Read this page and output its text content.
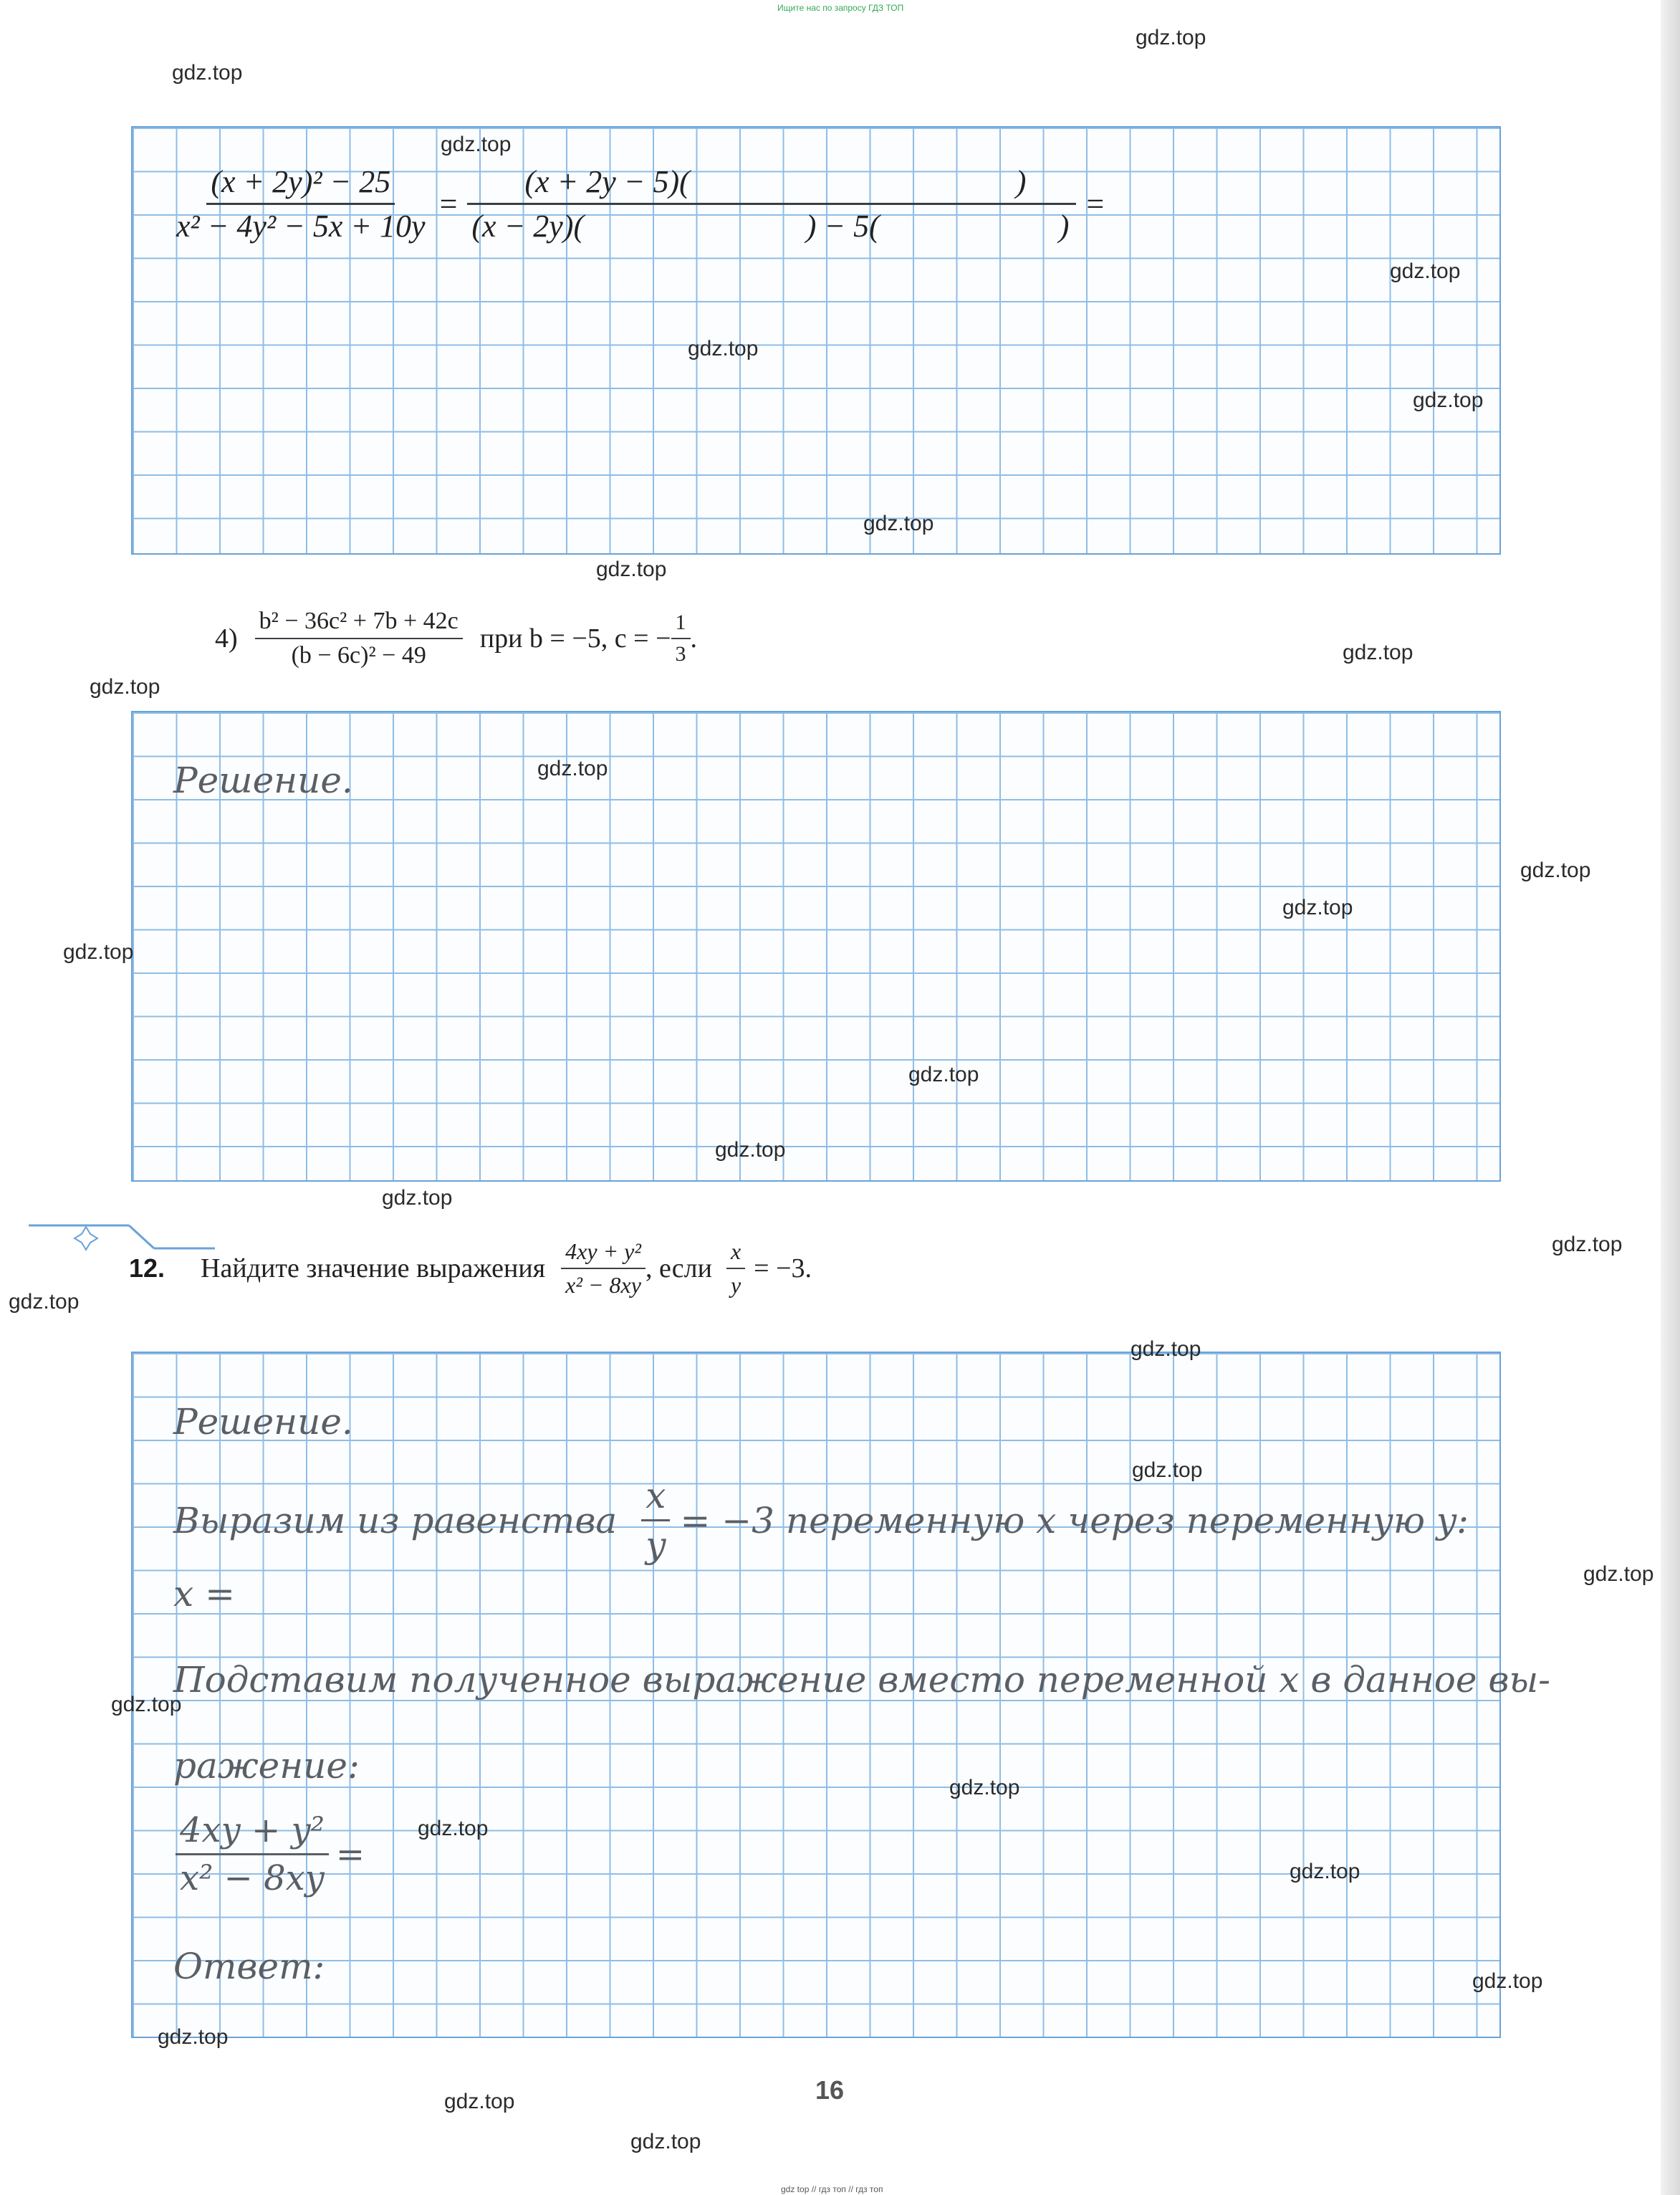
Ищите нас по запросу ГДЗ ТОП
gdz top // гдз топ // гдз топ
$\frac{\text{(x + 2y)² − 25}}{\text{x² − 4y² − 5x + 10y}} = (x + 2y - 5)$(	)
(x − 2y)(	) − 5(	) =
$4) \frac{\text{b² − 36c² + 7b + 42c}}{\text{(b − 6c)² − 49}}$ при b = −5, c = − $\frac{1}{3}$ .
Решение.
12. Найдите значение выражения $\frac{\text{4xy + y²}}{\text{x² − 8xy}}$ , если $\frac{x}{y} = -3$.
Решение.
Выразим из равенства $\frac{x}{y} = -3$ переменную x через переменную y:
x =
Подставим полученное выражение вместо переменной x в данное вы-
ражение:
$\frac{\text{4xy + y²}}{\text{x² − 8xy}}$ =
Ответ:
16
gdz.top
gdz.top
gdz.top
gdz.top
gdz.top
gdz.top
gdz.top
gdz.top
gdz.top
gdz.top
gdz.top
gdz.top
gdz.top
gdz.top
gdz.top
gdz.top
gdz.top
gdz.top
gdz.top
gdz.top
gdz.top
gdz.top
gdz.top
gdz.top
gdz.top
gdz.top
gdz.top
gdz.top
gdz.top
gdz.top
